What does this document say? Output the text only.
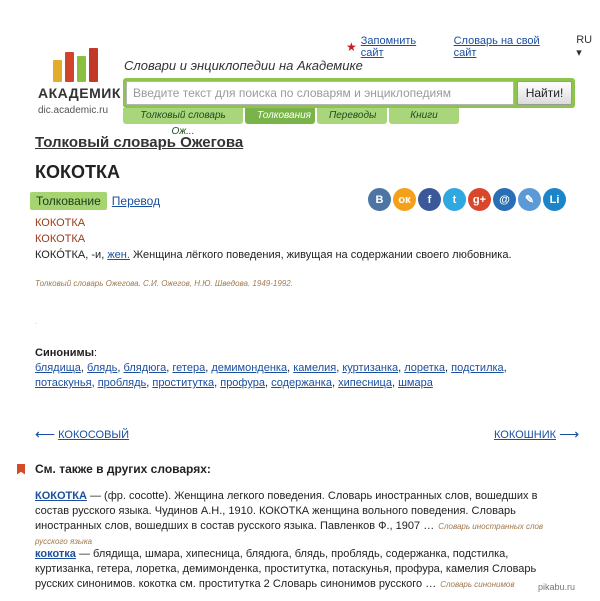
★ Запомнить сайт
Словарь на свой сайт
RU ▾
АКАДЕМИК
dic.academic.ru
Словари и энциклопедии на Академике
Введите текст для поиска по словарям и энциклопедиям
Найти!
Толковый словарь Ож...
Толкования	Переводы	Книги
Толковый словарь Ожегова
КОКОТКА
Толкование Перевод	В	ок	f	t	g+	@	✎	Li
КОКОТКА
КОКОТКА
КОКÓТКА, -и, жен. Женщина лёгкого поведения, живущая на содержании своего любовника.
Толковый словарь Ожегова. С.И. Ожегов, Н.Ю. Шведова. 1949-1992.
.
Синонимы:
блядища, блядь, блядюга, гетера, демимонденка, камелия, куртизанка, лоретка, подстилка, потаскунья, проблядь, проститутка, профура, содержанка, хипесница, шмара
⟵
КОКОСОВЫЙ	КОКОШНИК
⟶
См. также в других словарях:
КОКОТКА — (фр. cocotte). Женщина легкого поведения. Словарь иностранных слов, вошедших в состав русского языка. Чудинов А.Н., 1910. КОКОТКА женщина вольного поведения. Словарь иностранных слов, вошедших в состав русского языка. Павленков Ф., 1907 … Словарь иностранных слов русского языка
кокотка — блядища, шмара, хипесница, блядюга, блядь, проблядь, содержанка, подстилка, куртизанка, гетера, лоретка, демимонденка, проститутка, потаскунья, профура, камелия Словарь русских синонимов. кокотка см. проститутка 2 Словарь синонимов русского … Словарь синонимов	pikabu.ru
